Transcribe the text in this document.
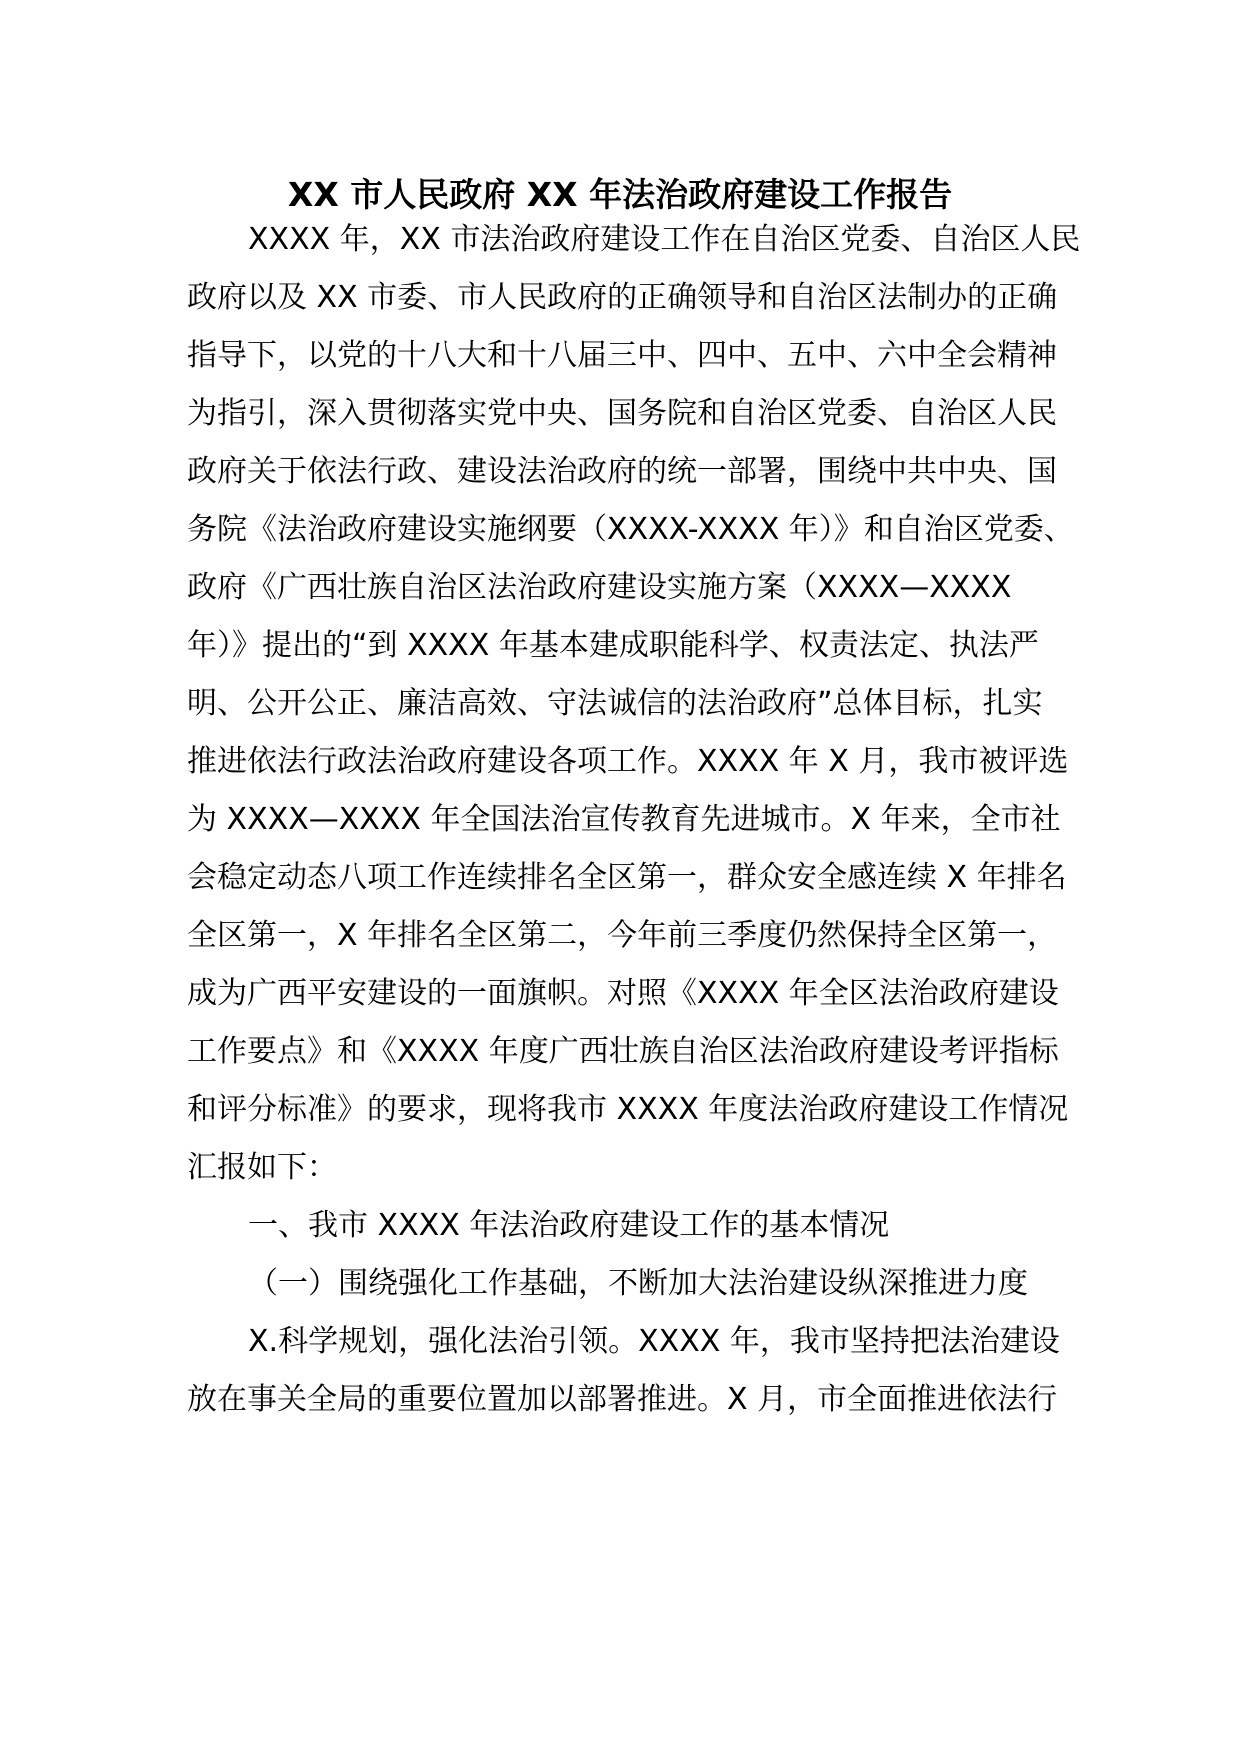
XX 市人民政府 XX 年法治政府建设工作报告
XXXX 年，XX 市法治政府建设工作在自治区党委、自治区人民
政府以及 XX 市委、市人民政府的正确领导和自治区法制办的正确
指导下，以党的十八大和十八届三中、四中、五中、六中全会精神
为指引，深入贯彻落实党中央、国务院和自治区党委、自治区人民
政府关于依法行政、建设法治政府的统一部署，围绕中共中央、国
务院《法治政府建设实施纲要（XXXX-XXXX 年）》和自治区党委、
政府《广西壮族自治区法治政府建设实施方案（XXXX—XXXX
年）》提出的“到 XXXX 年基本建成职能科学、权责法定、执法严
明、公开公正、廉洁高效、守法诚信的法治政府”总体目标，扎实
推进依法行政法治政府建设各项工作。XXXX 年 X 月，我市被评选
为 XXXX—XXXX 年全国法治宣传教育先进城市。X 年来，全市社
会稳定动态八项工作连续排名全区第一，群众安全感连续 X 年排名
全区第一，X 年排名全区第二，今年前三季度仍然保持全区第一，
成为广西平安建设的一面旗帜。对照《XXXX 年全区法治政府建设
工作要点》和《XXXX 年度广西壮族自治区法治政府建设考评指标
和评分标准》的要求，现将我市 XXXX 年度法治政府建设工作情况
汇报如下：
一、我市 XXXX 年法治政府建设工作的基本情况
（一）围绕强化工作基础，不断加大法治建设纵深推进力度
X.科学规划，强化法治引领。XXXX 年，我市坚持把法治建设
放在事关全局的重要位置加以部署推进。X 月，市全面推进依法行
